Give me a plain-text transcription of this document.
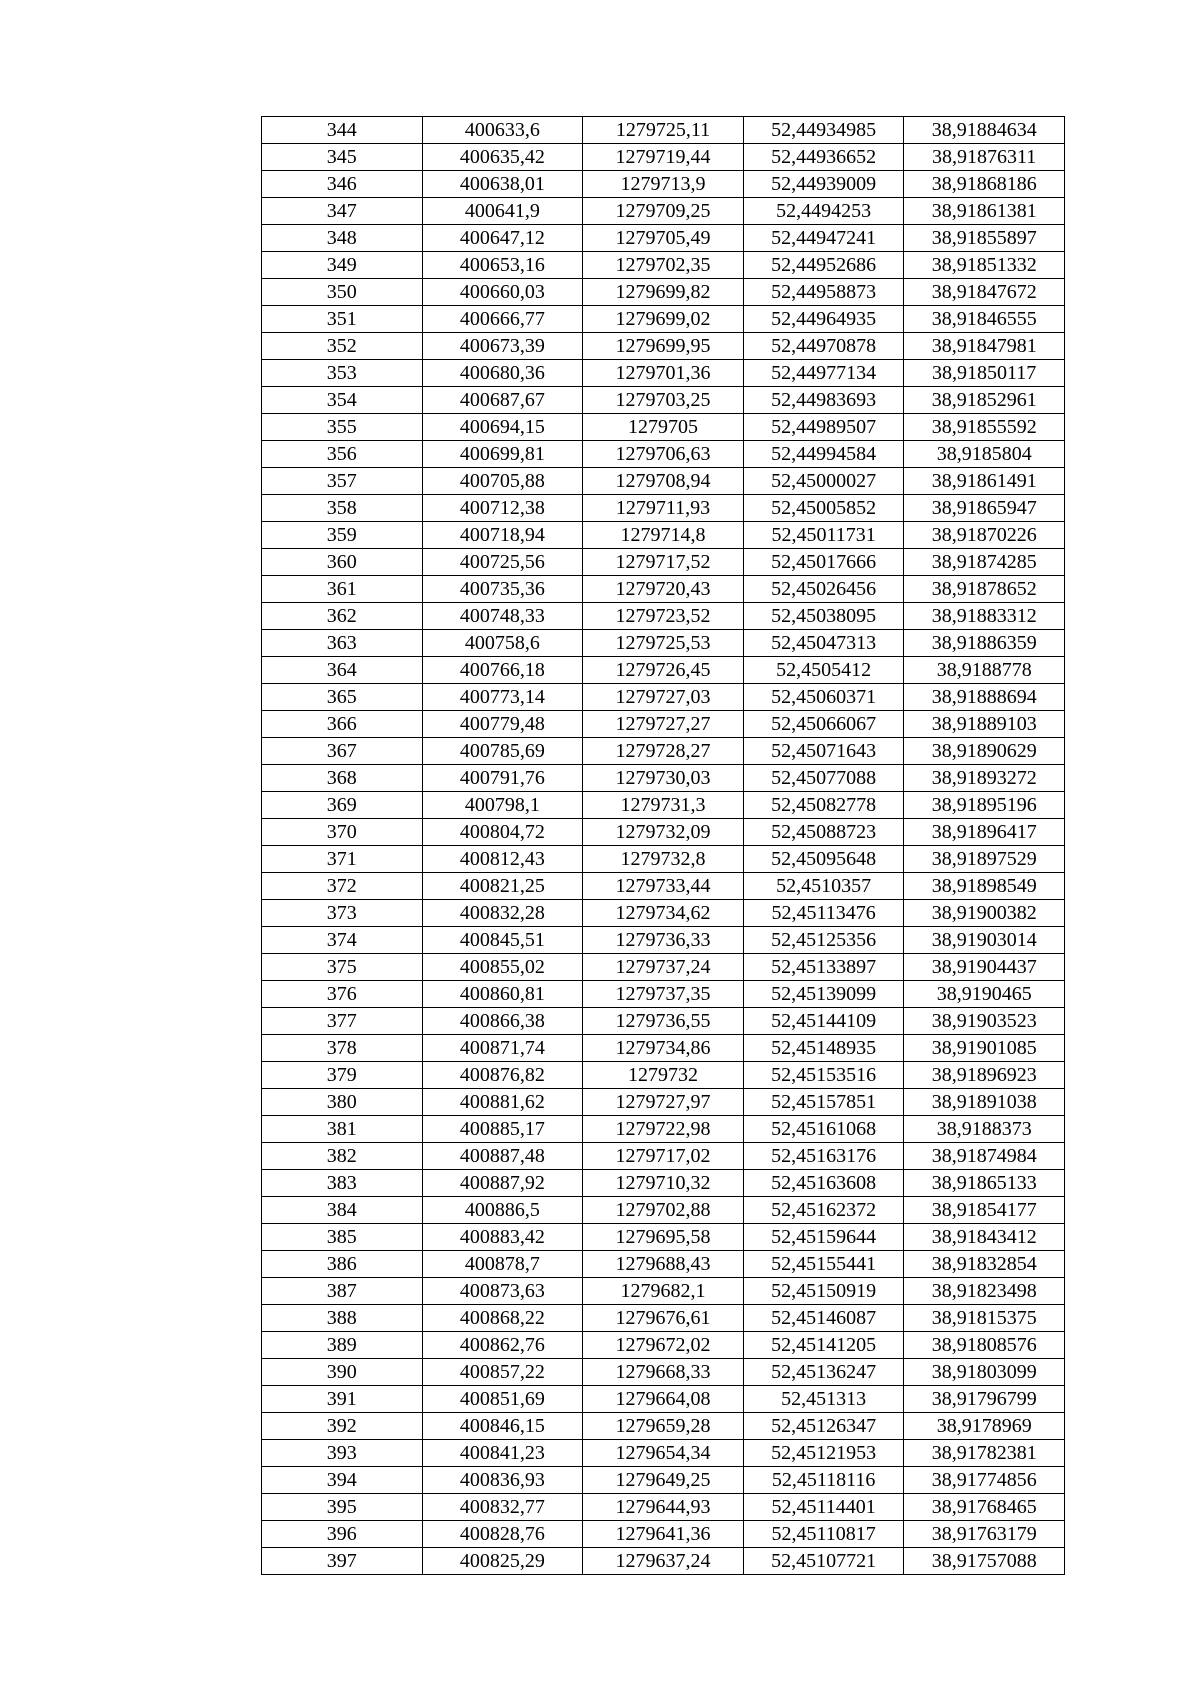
344	400633,6	1279725,11	52,44934985	38,91884634
345	400635,42	1279719,44	52,44936652	38,91876311
346	400638,01	1279713,9	52,44939009	38,91868186
347	400641,9	1279709,25	52,4494253	38,91861381
348	400647,12	1279705,49	52,44947241	38,91855897
349	400653,16	1279702,35	52,44952686	38,91851332
350	400660,03	1279699,82	52,44958873	38,91847672
351	400666,77	1279699,02	52,44964935	38,91846555
352	400673,39	1279699,95	52,44970878	38,91847981
353	400680,36	1279701,36	52,44977134	38,91850117
354	400687,67	1279703,25	52,44983693	38,91852961
355	400694,15	1279705	52,44989507	38,91855592
356	400699,81	1279706,63	52,44994584	38,9185804
357	400705,88	1279708,94	52,45000027	38,91861491
358	400712,38	1279711,93	52,45005852	38,91865947
359	400718,94	1279714,8	52,45011731	38,91870226
360	400725,56	1279717,52	52,45017666	38,91874285
361	400735,36	1279720,43	52,45026456	38,91878652
362	400748,33	1279723,52	52,45038095	38,91883312
363	400758,6	1279725,53	52,45047313	38,91886359
364	400766,18	1279726,45	52,4505412	38,9188778
365	400773,14	1279727,03	52,45060371	38,91888694
366	400779,48	1279727,27	52,45066067	38,91889103
367	400785,69	1279728,27	52,45071643	38,91890629
368	400791,76	1279730,03	52,45077088	38,91893272
369	400798,1	1279731,3	52,45082778	38,91895196
370	400804,72	1279732,09	52,45088723	38,91896417
371	400812,43	1279732,8	52,45095648	38,91897529
372	400821,25	1279733,44	52,4510357	38,91898549
373	400832,28	1279734,62	52,45113476	38,91900382
374	400845,51	1279736,33	52,45125356	38,91903014
375	400855,02	1279737,24	52,45133897	38,91904437
376	400860,81	1279737,35	52,45139099	38,9190465
377	400866,38	1279736,55	52,45144109	38,91903523
378	400871,74	1279734,86	52,45148935	38,91901085
379	400876,82	1279732	52,45153516	38,91896923
380	400881,62	1279727,97	52,45157851	38,91891038
381	400885,17	1279722,98	52,45161068	38,9188373
382	400887,48	1279717,02	52,45163176	38,91874984
383	400887,92	1279710,32	52,45163608	38,91865133
384	400886,5	1279702,88	52,45162372	38,91854177
385	400883,42	1279695,58	52,45159644	38,91843412
386	400878,7	1279688,43	52,45155441	38,91832854
387	400873,63	1279682,1	52,45150919	38,91823498
388	400868,22	1279676,61	52,45146087	38,91815375
389	400862,76	1279672,02	52,45141205	38,91808576
390	400857,22	1279668,33	52,45136247	38,91803099
391	400851,69	1279664,08	52,451313	38,91796799
392	400846,15	1279659,28	52,45126347	38,9178969
393	400841,23	1279654,34	52,45121953	38,91782381
394	400836,93	1279649,25	52,45118116	38,91774856
395	400832,77	1279644,93	52,45114401	38,91768465
396	400828,76	1279641,36	52,45110817	38,91763179
397	400825,29	1279637,24	52,45107721	38,91757088
